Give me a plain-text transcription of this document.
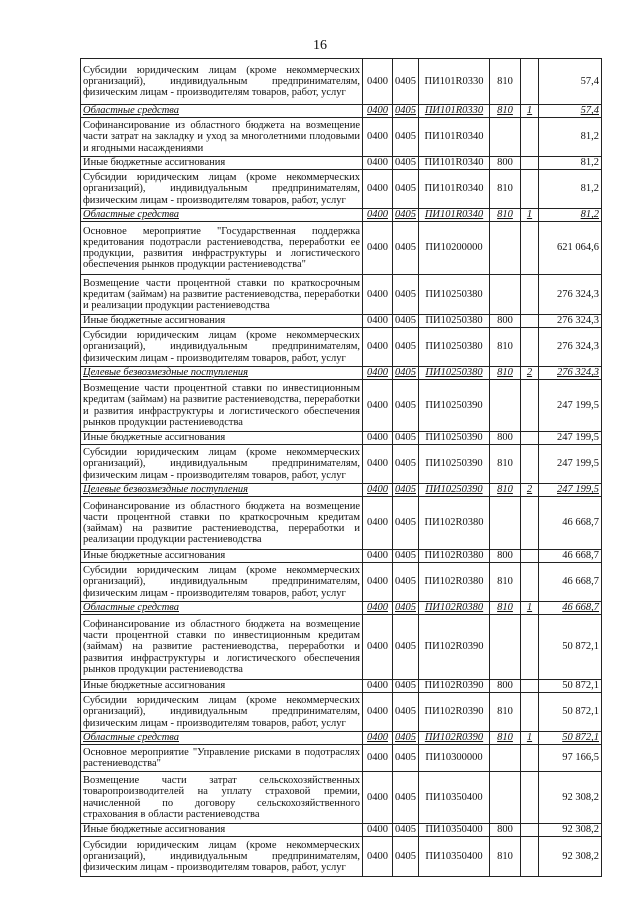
16
Субсидии юридическим лицам (кроме некоммерческих организаций), индивидуальным предпринимателям, физическим лицам - производителям товаров, работ, услуг	0400	0405	ПИ101R0330	810		57,4
Областные средства	0400	0405	ПИ101R0330	810	1	57,4
Софинансирование из областного бюджета на возмещение части затрат на закладку и уход за многолетними плодовыми и ягодными насаждениями	0400	0405	ПИ101R0340			81,2
Иные бюджетные ассигнования	0400	0405	ПИ101R0340	800		81,2
Субсидии юридическим лицам (кроме некоммерческих организаций), индивидуальным предпринимателям, физическим лицам - производителям товаров, работ, услуг	0400	0405	ПИ101R0340	810		81,2
Областные средства	0400	0405	ПИ101R0340	810	1	81,2
Основное мероприятие "Государственная поддержка кредитования подотрасли растениеводства, переработки ее продукции, развития инфраструктуры и логистического обеспечения рынков продукции растениеводства"	0400	0405	ПИ10200000			621 064,6
Возмещение части процентной ставки по краткосрочным кредитам (займам) на развитие растениеводства, переработки и реализации продукции растениеводства	0400	0405	ПИ10250380			276 324,3
Иные бюджетные ассигнования	0400	0405	ПИ10250380	800		276 324,3
Субсидии юридическим лицам (кроме некоммерческих организаций), индивидуальным предпринимателям, физическим лицам - производителям товаров, работ, услуг	0400	0405	ПИ10250380	810		276 324,3
Целевые безвозмездные поступления	0400	0405	ПИ10250380	810	2	276 324,3
Возмещение части процентной ставки по инвестиционным кредитам (займам) на развитие растениеводства, переработки и развития инфраструктуры и логистического обеспечения рынков продукции растениеводства	0400	0405	ПИ10250390			247 199,5
Иные бюджетные ассигнования	0400	0405	ПИ10250390	800		247 199,5
Субсидии юридическим лицам (кроме некоммерческих организаций), индивидуальным предпринимателям, физическим лицам - производителям товаров, работ, услуг	0400	0405	ПИ10250390	810		247 199,5
Целевые безвозмездные поступления	0400	0405	ПИ10250390	810	2	247 199,5
Софинансирование из областного бюджета на возмещение части процентной ставки по краткосрочным кредитам (займам) на развитие растениеводства, переработки и реализации продукции растениеводства	0400	0405	ПИ102R0380			46 668,7
Иные бюджетные ассигнования	0400	0405	ПИ102R0380	800		46 668,7
Субсидии юридическим лицам (кроме некоммерческих организаций), индивидуальным предпринимателям, физическим лицам - производителям товаров, работ, услуг	0400	0405	ПИ102R0380	810		46 668,7
Областные средства	0400	0405	ПИ102R0380	810	1	46 668,7
Софинансирование из областного бюджета на возмещение части процентной ставки по инвестиционным кредитам (займам) на развитие растениеводства, переработки и развития инфраструктуры и логистического обеспечения рынков продукции растениеводства	0400	0405	ПИ102R0390			50 872,1
Иные бюджетные ассигнования	0400	0405	ПИ102R0390	800		50 872,1
Субсидии юридическим лицам (кроме некоммерческих организаций), индивидуальным предпринимателям, физическим лицам - производителям товаров, работ, услуг	0400	0405	ПИ102R0390	810		50 872,1
Областные средства	0400	0405	ПИ102R0390	810	1	50 872,1
Основное мероприятие "Управление рисками в подотраслях растениеводства"	0400	0405	ПИ10300000			97 166,5
Возмещение части затрат сельскохозяйственных товаропроизводителей на уплату страховой премии, начисленной по договору сельскохозяйственного страхования в области растениеводства	0400	0405	ПИ10350400			92 308,2
Иные бюджетные ассигнования	0400	0405	ПИ10350400	800		92 308,2
Субсидии юридическим лицам (кроме некоммерческих организаций), индивидуальным предпринимателям, физическим лицам - производителям товаров, работ, услуг	0400	0405	ПИ10350400	810		92 308,2
